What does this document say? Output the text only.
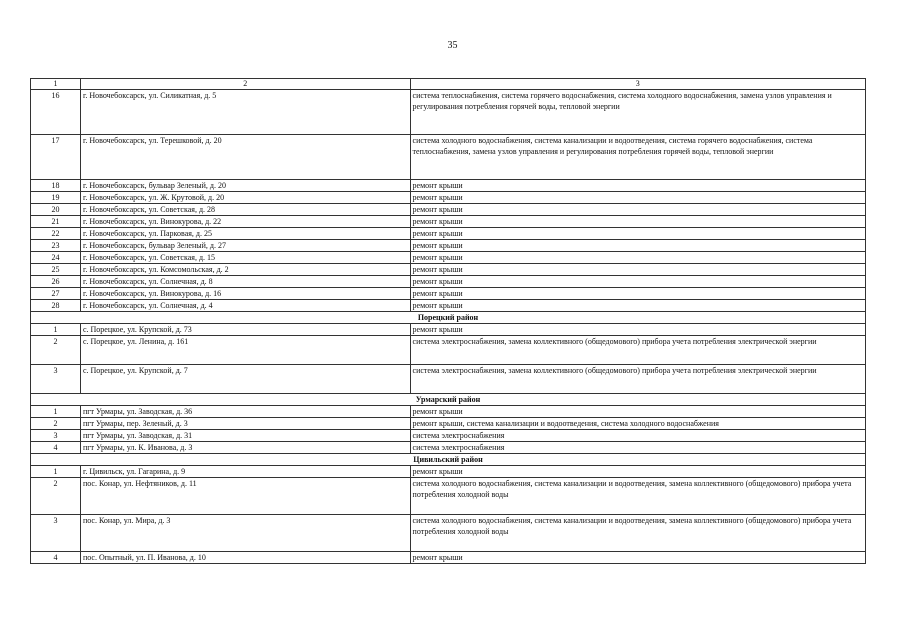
35
1	2	3
16	г. Новочебоксарск, ул. Силикатная, д. 5	система теплоснабжения, система горячего водоснабжения, система холодного водоснабжения, замена узлов управления и регулирования потребления горячей воды, тепловой энергии
17	г. Новочебоксарск, ул. Терешковой, д. 20	система холодного водоснабжения, система канализации и водоотведения, система горячего водоснабжения, система теплоснабжения, замена узлов управления и регулирования потребления горячей воды, тепловой энергии
18	г. Новочебоксарск, бульвар Зеленый, д. 20	ремонт крыши
19	г. Новочебоксарск, ул. Ж. Крутовой, д. 20	ремонт крыши
20	г. Новочебоксарск, ул. Советская, д. 28	ремонт крыши
21	г. Новочебоксарск, ул. Винокурова, д. 22	ремонт крыши
22	г. Новочебоксарск, ул. Парковая, д. 25	ремонт крыши
23	г. Новочебоксарск, бульвар Зеленый, д. 27	ремонт крыши
24	г. Новочебоксарск, ул. Советская, д. 15	ремонт крыши
25	г. Новочебоксарск, ул. Комсомольская, д. 2	ремонт крыши
26	г. Новочебоксарск, ул. Солнечная, д. 8	ремонт крыши
27	г. Новочебоксарск, ул. Винокурова, д. 16	ремонт крыши
28	г. Новочебоксарск, ул. Солнечная, д. 4	ремонт крыши
Порецкий район		
1	с. Порецкое, ул. Крупской, д. 73	ремонт крыши
2	с. Порецкое, ул. Ленина, д. 161	система электроснабжения, замена коллективного (общедомового) прибора учета потребления электрической энергии
3	с. Порецкое, ул. Крупской, д. 7	система электроснабжения, замена коллективного (общедомового) прибора учета потребления электрической энергии
Урмарский район		
1	пгт Урмары, ул. Заводская, д. 36	ремонт крыши
2	пгт Урмары, пер. Зеленый, д. 3	ремонт крыши, система канализации и водоотведения, система холодного водоснабжения
3	пгт Урмары, ул. Заводская, д. 31	система электроснабжения
4	пгт Урмары, ул. К. Иванова, д. 3	система электроснабжения
Цивильский район		
1	г. Цивильск, ул. Гагарина, д. 9	ремонт крыши
2	пос. Конар, ул. Нефтяников, д. 11	система холодного водоснабжения, система канализации и водоотведения, замена коллективного (общедомового) прибора учета потребления холодной воды
3	пос. Конар, ул. Мира, д. 3	система холодного водоснабжения, система канализации и водоотведения, замена коллективного (общедомового) прибора учета потребления холодной воды
4	пос. Опытный, ул. П. Иванова, д. 10	ремонт крыши
